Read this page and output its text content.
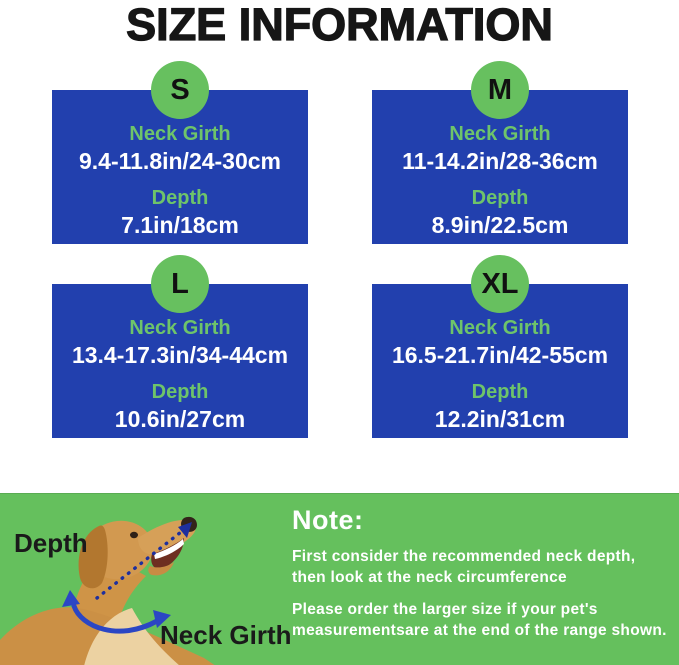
SIZE INFORMATION
S
Neck Girth
9.4-11.8in/24-30cm
Depth
7.1in/18cm
M
Neck Girth
11-14.2in/28-36cm
Depth
8.9in/22.5cm
L
Neck Girth
13.4-17.3in/34-44cm
Depth
10.6in/27cm
XL
Neck Girth
16.5-21.7in/42-55cm
Depth
12.2in/31cm
Depth
Neck Girth
Note:

First consider the recommended neck depth, then look at the neck circumference

Please order the larger size if your pet's measurementsare at the end of the range shown.
